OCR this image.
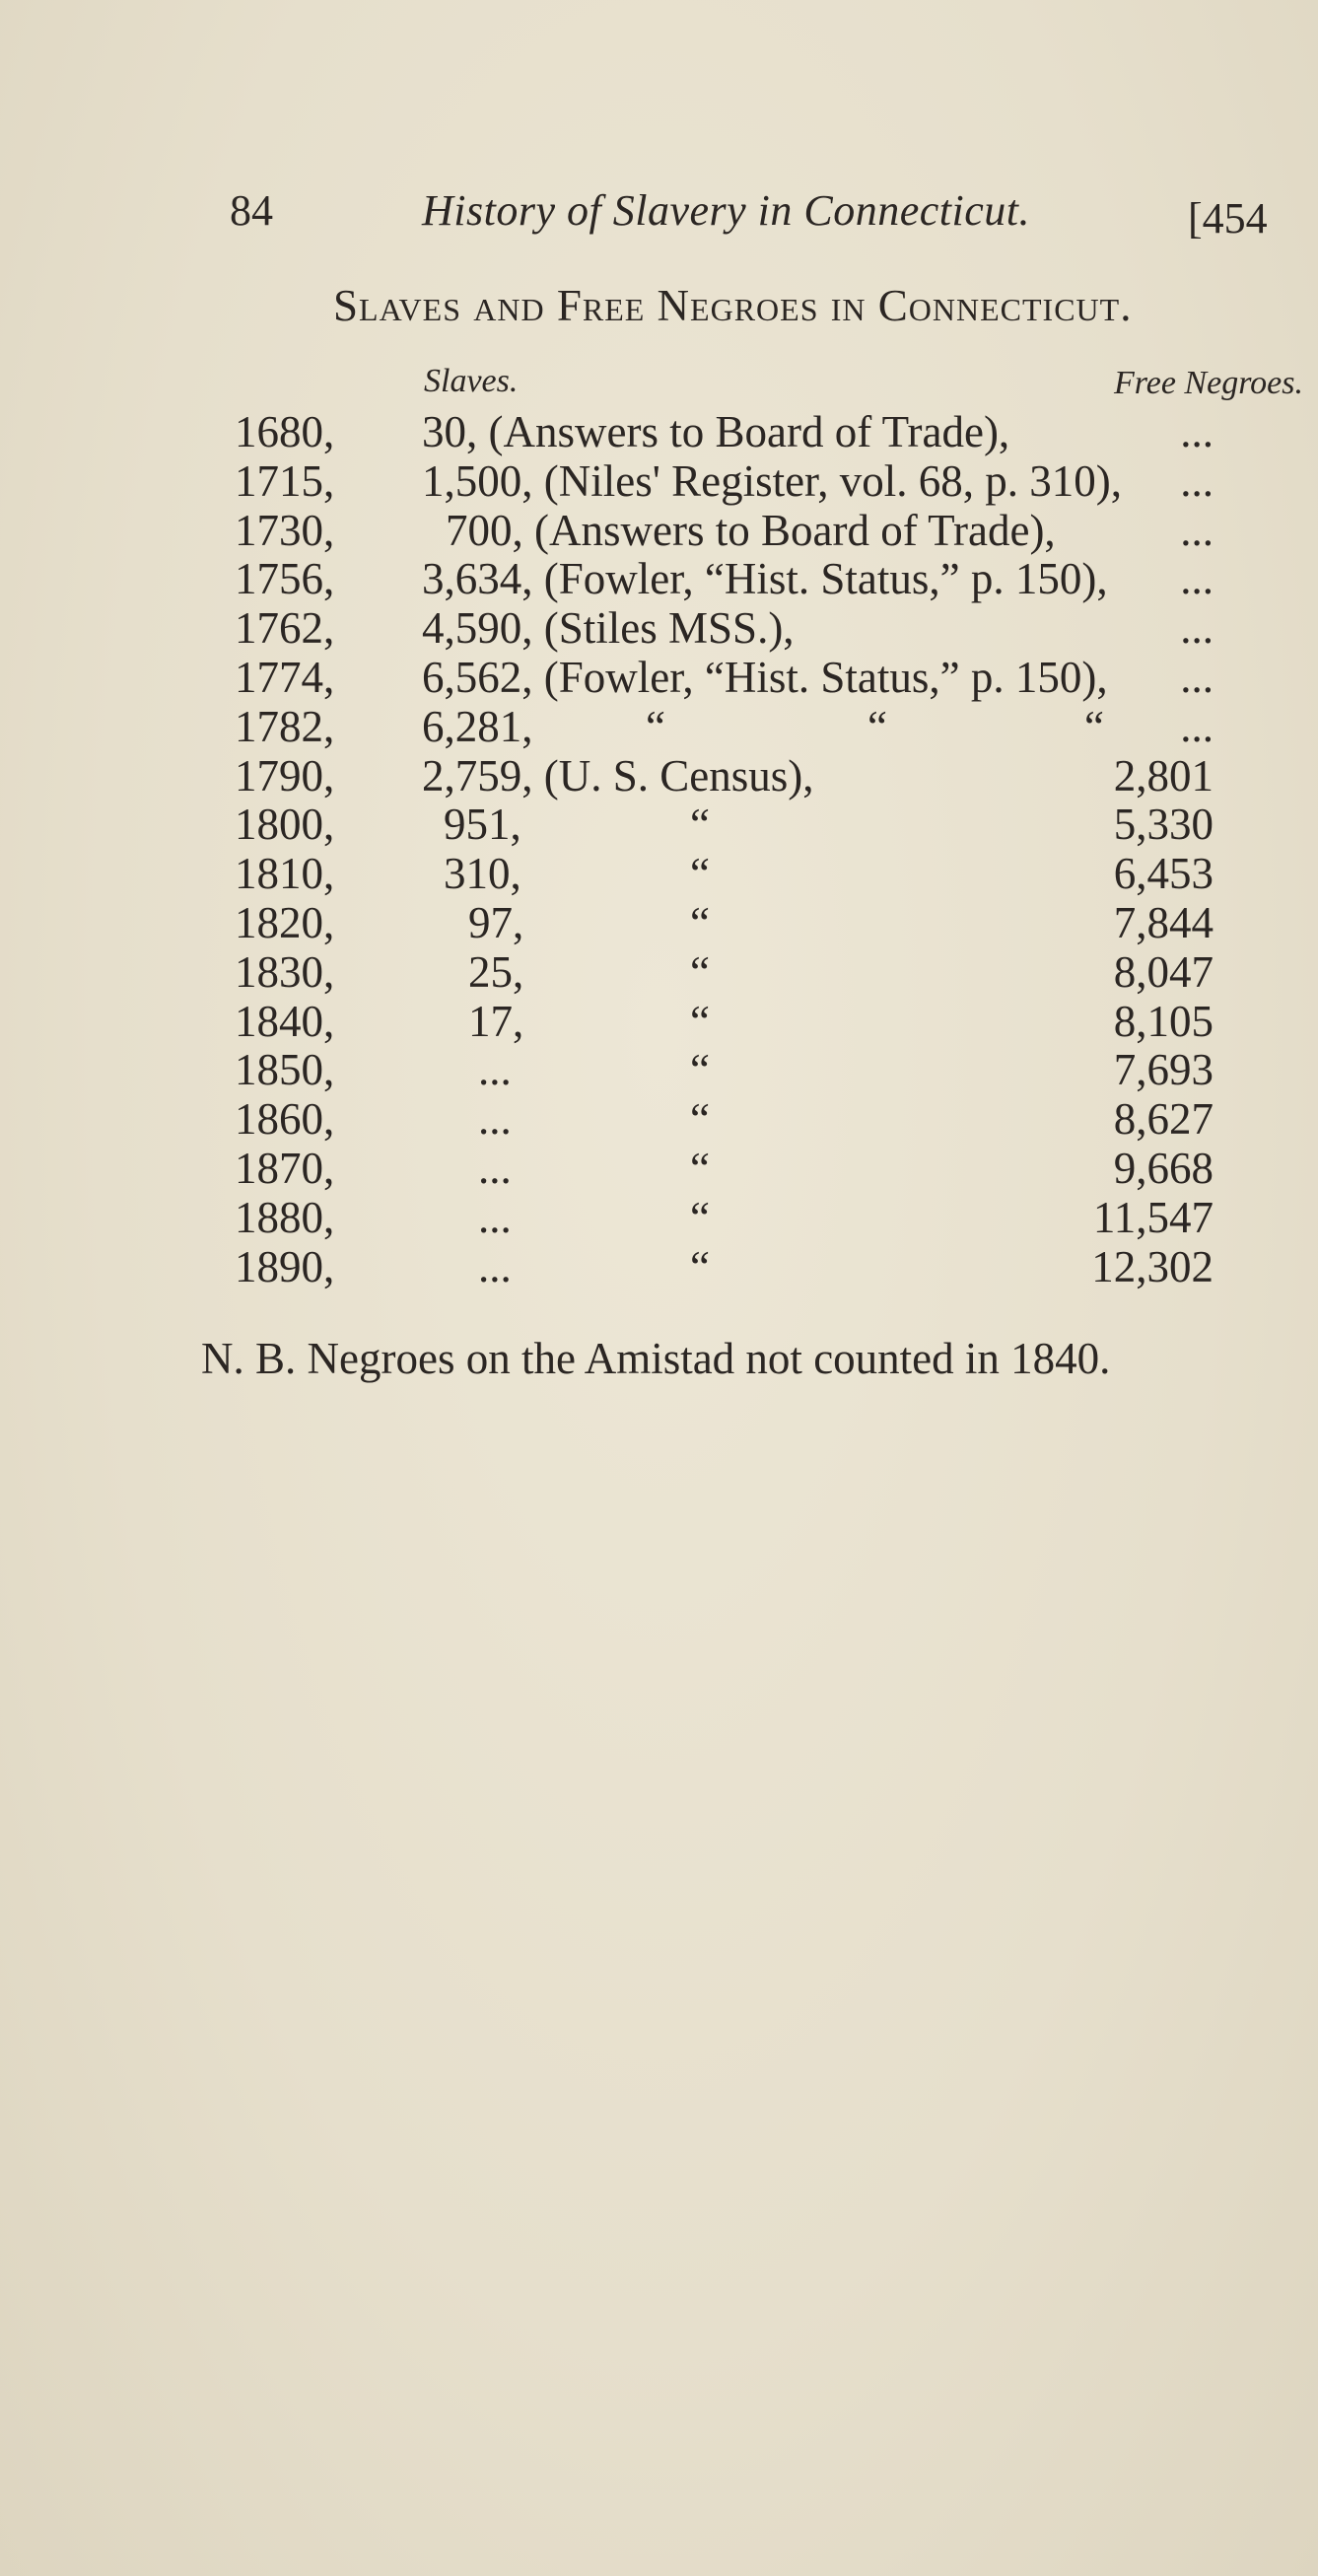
84	History of Slavery in Connecticut.	[454
Slaves and Free Negroes in Connecticut.
Slaves.	Free Negroes.
1680, 30, (Answers to Board of Trade),	...
1715, 1,500, (Niles' Register, vol. 68, p. 310), ...
1730,	700, (Answers to Board of Trade),	...
1756, 3,634, (Fowler, “Hist. Status,” p. 150), ...
1762, 4,590, (Stiles MSS.),	...
1774, 6,562, (Fowler, “Hist. Status,” p. 150), ...
1782, 6,281,	“	“	“ ...
1790, 2,759, (U. S. Census),	2,801
1800, 951,	“	5,330
1810, 310,	“	6,453
1820,	97,	“	7,844
1830,	25,	“	8,047
1840,	17,	“	8,105
1850,	...	“	7,693
1860,	...	“	8,627
1870,	...	“	9,668
1880,	...	“	11,547
1890,	...	“	12,302
N. B. Negroes on the Amistad not counted in 1840.
